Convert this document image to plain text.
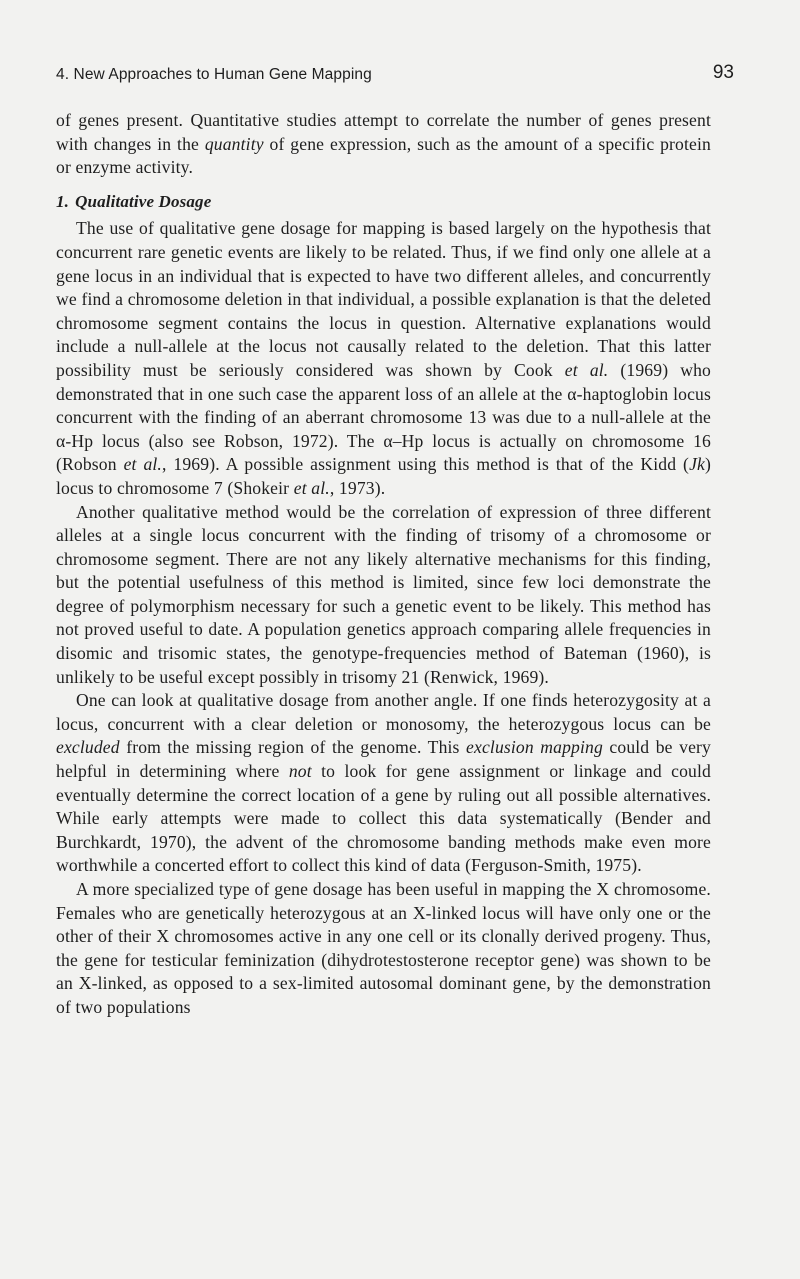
4. New Approaches to Human Gene Mapping	93

of genes present. Quantitative studies attempt to correlate the number of genes present with changes in the quantity of gene expression, such as the amount of a specific protein or enzyme activity.

1. Qualitative Dosage

The use of qualitative gene dosage for mapping is based largely on the hypothesis that concurrent rare genetic events are likely to be related. Thus, if we find only one allele at a gene locus in an individual that is expected to have two different alleles, and concurrently we find a chromosome deletion in that individual, a possible explanation is that the deleted chromosome segment contains the locus in question. Alternative explanations would include a null-allele at the locus not causally related to the deletion. That this latter possibility must be seriously considered was shown by Cook et al. (1969) who demonstrated that in one such case the apparent loss of an allele at the α-haptoglobin locus concurrent with the finding of an aberrant chromosome 13 was due to a null-allele at the α-Hp locus (also see Robson, 1972). The α–Hp locus is actually on chromosome 16 (Robson et al., 1969). A possible assignment using this method is that of the Kidd (Jk) locus to chromosome 7 (Shokeir et al., 1973).

Another qualitative method would be the correlation of expression of three different alleles at a single locus concurrent with the finding of trisomy of a chromosome or chromosome segment. There are not any likely alternative mechanisms for this finding, but the potential usefulness of this method is limited, since few loci demonstrate the degree of polymorphism necessary for such a genetic event to be likely. This method has not proved useful to date. A population genetics approach comparing allele frequencies in disomic and trisomic states, the genotype-frequencies method of Bateman (1960), is unlikely to be useful except possibly in trisomy 21 (Renwick, 1969).

One can look at qualitative dosage from another angle. If one finds heterozygosity at a locus, concurrent with a clear deletion or monosomy, the heterozygous locus can be excluded from the missing region of the genome. This exclusion mapping could be very helpful in determining where not to look for gene assignment or linkage and could eventually determine the correct location of a gene by ruling out all possible alternatives. While early attempts were made to collect this data systematically (Bender and Burchkardt, 1970), the advent of the chromosome banding methods make even more worthwhile a concerted effort to collect this kind of data (Ferguson-Smith, 1975).

A more specialized type of gene dosage has been useful in mapping the X chromosome. Females who are genetically heterozygous at an X-linked locus will have only one or the other of their X chromosomes active in any one cell or its clonally derived progeny. Thus, the gene for testicular feminization (dihydrotestosterone receptor gene) was shown to be an X-linked, as opposed to a sex-limited autosomal dominant gene, by the demonstration of two populations
